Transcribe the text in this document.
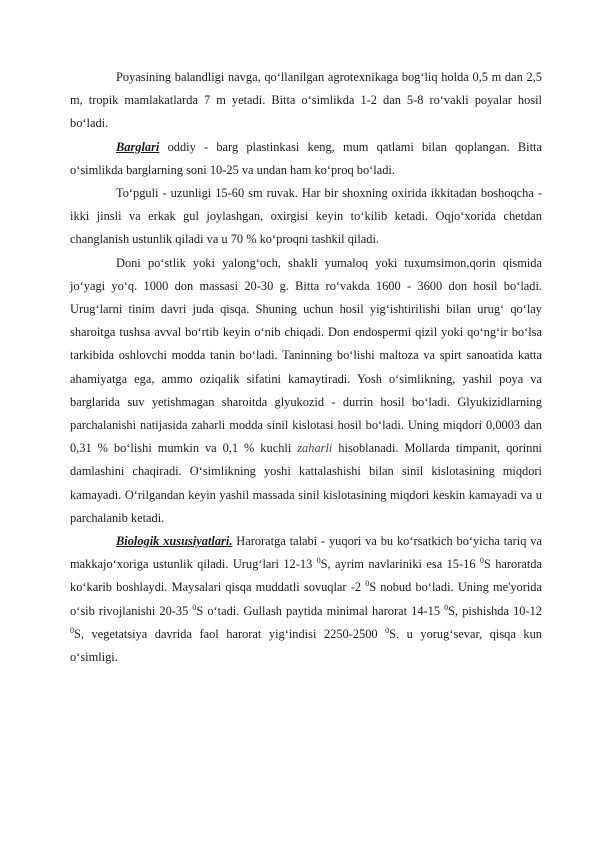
Poyasining balandligi navga, qo‘llanilgan agrotexnikaga bog‘liq holda 0,5 m dan 2,5 m, tropik mamlakatlarda 7 m yetadi. Bitta o‘simlikda 1-2 dan 5-8 ro‘vakli poyalar hosil bo‘ladi.

Barglari oddiy - barg plastinkasi keng, mum qatlami bilan qoplangan. Bitta o‘simlikda barglarning soni 10-25 va undan ham ko‘proq bo‘ladi.

To‘pguli - uzunligi 15-60 sm ruvak. Har bir shoxning oxirida ikkitadan boshoqcha - ikki jinsli va erkak gul joylashgan, oxirgisi keyin to‘kilib ketadi. Oqjo‘xorida chetdan changlanish ustunlik qiladi va u 70 % ko‘proqni tashkil qiladi.

Doni po‘stlik yoki yalong‘och, shakli yumaloq yoki tuxumsimon,qorin qismida jo‘yagi yo‘q. 1000 don massasi 20-30 g. Bitta ro‘vakda 1600 - 3600 don hosil bo‘ladi. Urug‘larni tinim davri juda qisqa. Shuning uchun hosil yig‘ishtirilishi bilan urug‘ qo‘lay sharoitga tushsa avval bo‘rtib keyin o‘nib chiqadi. Don endospermi qizil yoki qo‘ng‘ir bo‘lsa tarkibida oshlovchi modda tanin bo‘ladi. Taninning bo‘lishi maltoza va spirt sanoatida katta ahamiyatga ega, ammo oziqalik sifatini kamaytiradi. Yosh o‘simlikning, yashil poya va barglarida suv yetishmagan sharoitda glyukozid - durrin hosil bo‘ladi. Glyukizidlarning parchalanishi natijasida zaharli modda sinil kislotasi hosil bo‘ladi. Uning miqdori 0,0003 dan 0,31 % bo‘lishi mumkin va 0,1 % kuchli zaharli hisoblanadi. Mollarda timpanit, qorinni damlashini chaqiradi. O‘simlikning yoshi kattalashishi bilan sinil kislotasining miqdori kamayadi. O‘rilgandan keyin yashil massada sinil kislotasining miqdori keskin kamayadi va u parchalanib ketadi.

Biologik xususiyatlari. Haroratga talabi - yuqori va bu ko‘rsatkich bo‘yicha tariq va makkajo‘xoriga ustunlik qiladi. Urug‘lari 12-13 $^0$S, ayrim navlariniki esa 15-16 $^0$S haroratda ko‘karib boshlaydi. Maysalari qisqa muddatli sovuqlar -2 $^0$S nobud bo‘ladi. Uning me'yorida o‘sib rivojlanishi 20-35 $^0$S o‘tadi. Gullash paytida minimal harorat 14-15 $^0$S, pishishda 10-12 $^0$S, vegetatsiya davrida faol harorat yig‘indisi 2250-2500 $^0$S. u yorug‘sevar, qisqa kun o‘simligi.
